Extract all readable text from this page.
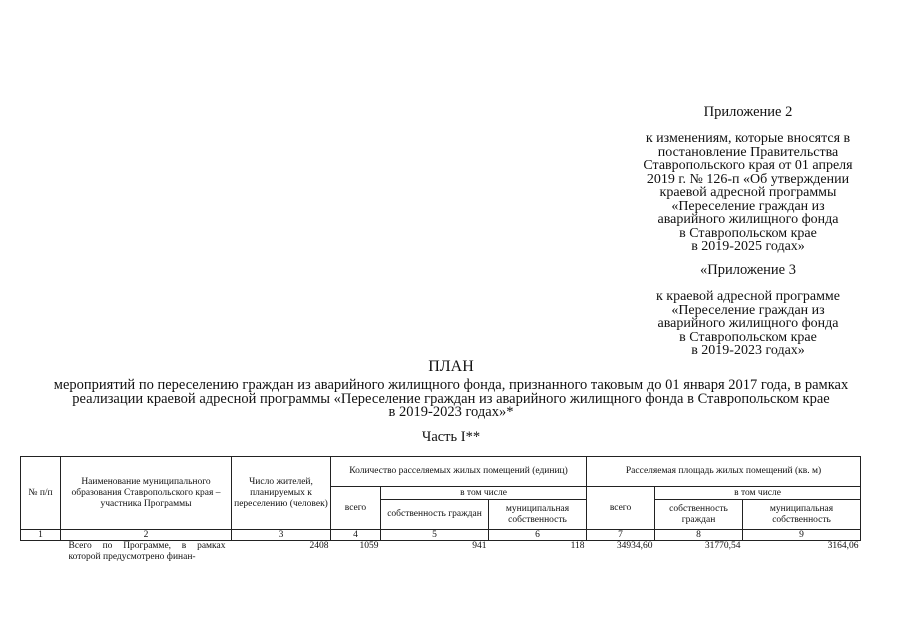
Приложение 2
к изменениям, которые вносятся в
постановление Правительства
Ставропольского края от 01 апреля
2019 г. № 126-п «Об утверждении
краевой адресной программы
«Переселение граждан из
аварийного жилищного фонда
в Ставропольском крае
в 2019-2025 годах»
«Приложение 3
к краевой адресной программе
«Переселение граждан из
аварийного жилищного фонда
в Ставропольском крае
в 2019-2023 годах»
ПЛАН
мероприятий по переселению граждан из аварийного жилищного фонда, признанного таковым до 01 января 2017 года, в рамках
реализации краевой адресной программы «Переселение граждан из аварийного жилищного фонда в Ставропольском крае
в 2019-2023 годах»*
Часть I**
№ п/п	Наименование муниципального образования Ставропольского края – участника Программы	Число жителей, планируемых к переселению (человек)	Количество расселяемых жилых помещений (единиц)			Расселяемая площадь жилых помещений (кв. м)		
			всего	в том числе		всего	в том числе	
				собственность граждан	муниципальная собственность		собственность граждан	муниципальная собственность
1	2	3	4	5	6	7	8	9

	Всего по Программе, в рамках которой предусмотрено финан-	2408	1059	941	118	34934,60	31770,54	3164,06
